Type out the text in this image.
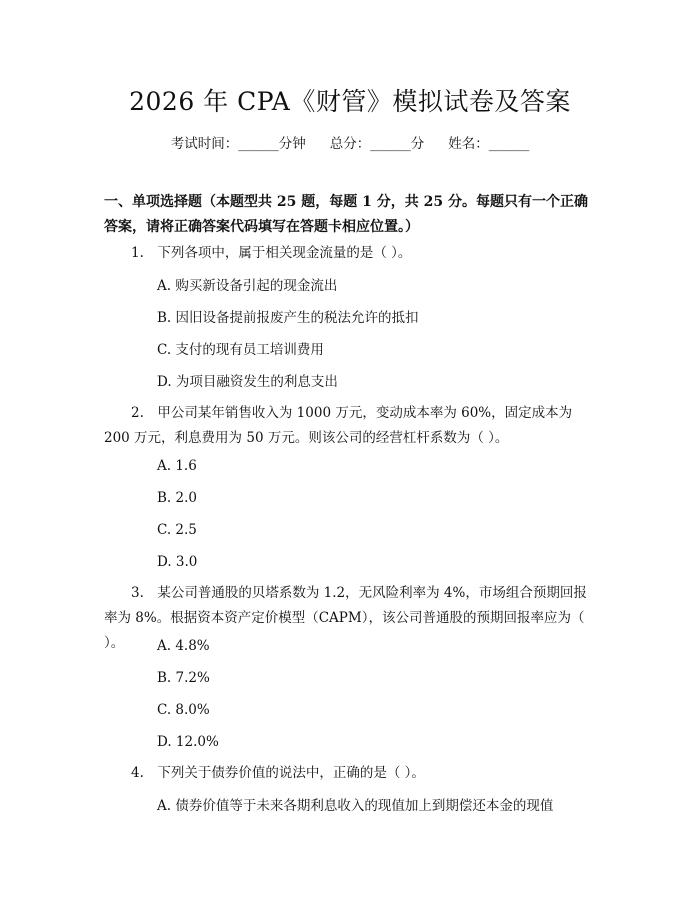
2026 年 CPA《财管》模拟试卷及答案
考试时间：______分钟 总分：______分 姓名：______
一、单项选择题（本题型共 25 题，每题 1 分，共 25 分。每题只有一个正确答案，请将正确答案代码填写在答题卡相应位置。）
1.　下列各项中，属于相关现金流量的是（ ）。
A. 购买新设备引起的现金流出
B. 因旧设备提前报废产生的税法允许的抵扣
C. 支付的现有员工培训费用
D. 为项目融资发生的利息支出
2.　甲公司某年销售收入为 1000 万元，变动成本率为 60%，固定成本为 200 万元，利息费用为 50 万元。则该公司的经营杠杆系数为（ ）。
A. 1.6
B. 2.0
C. 2.5
D. 3.0
3.　某公司普通股的贝塔系数为 1.2，无风险利率为 4%，市场组合预期回报率为 8%。根据资本资产定价模型（CAPM），该公司普通股的预期回报率应为（ ）。	A. 4.8%
B. 7.2%
C. 8.0%
D. 12.0%
4.　下列关于债券价值的说法中，正确的是（ ）。
A. 债券价值等于未来各期利息收入的现值加上到期偿还本金的现值
